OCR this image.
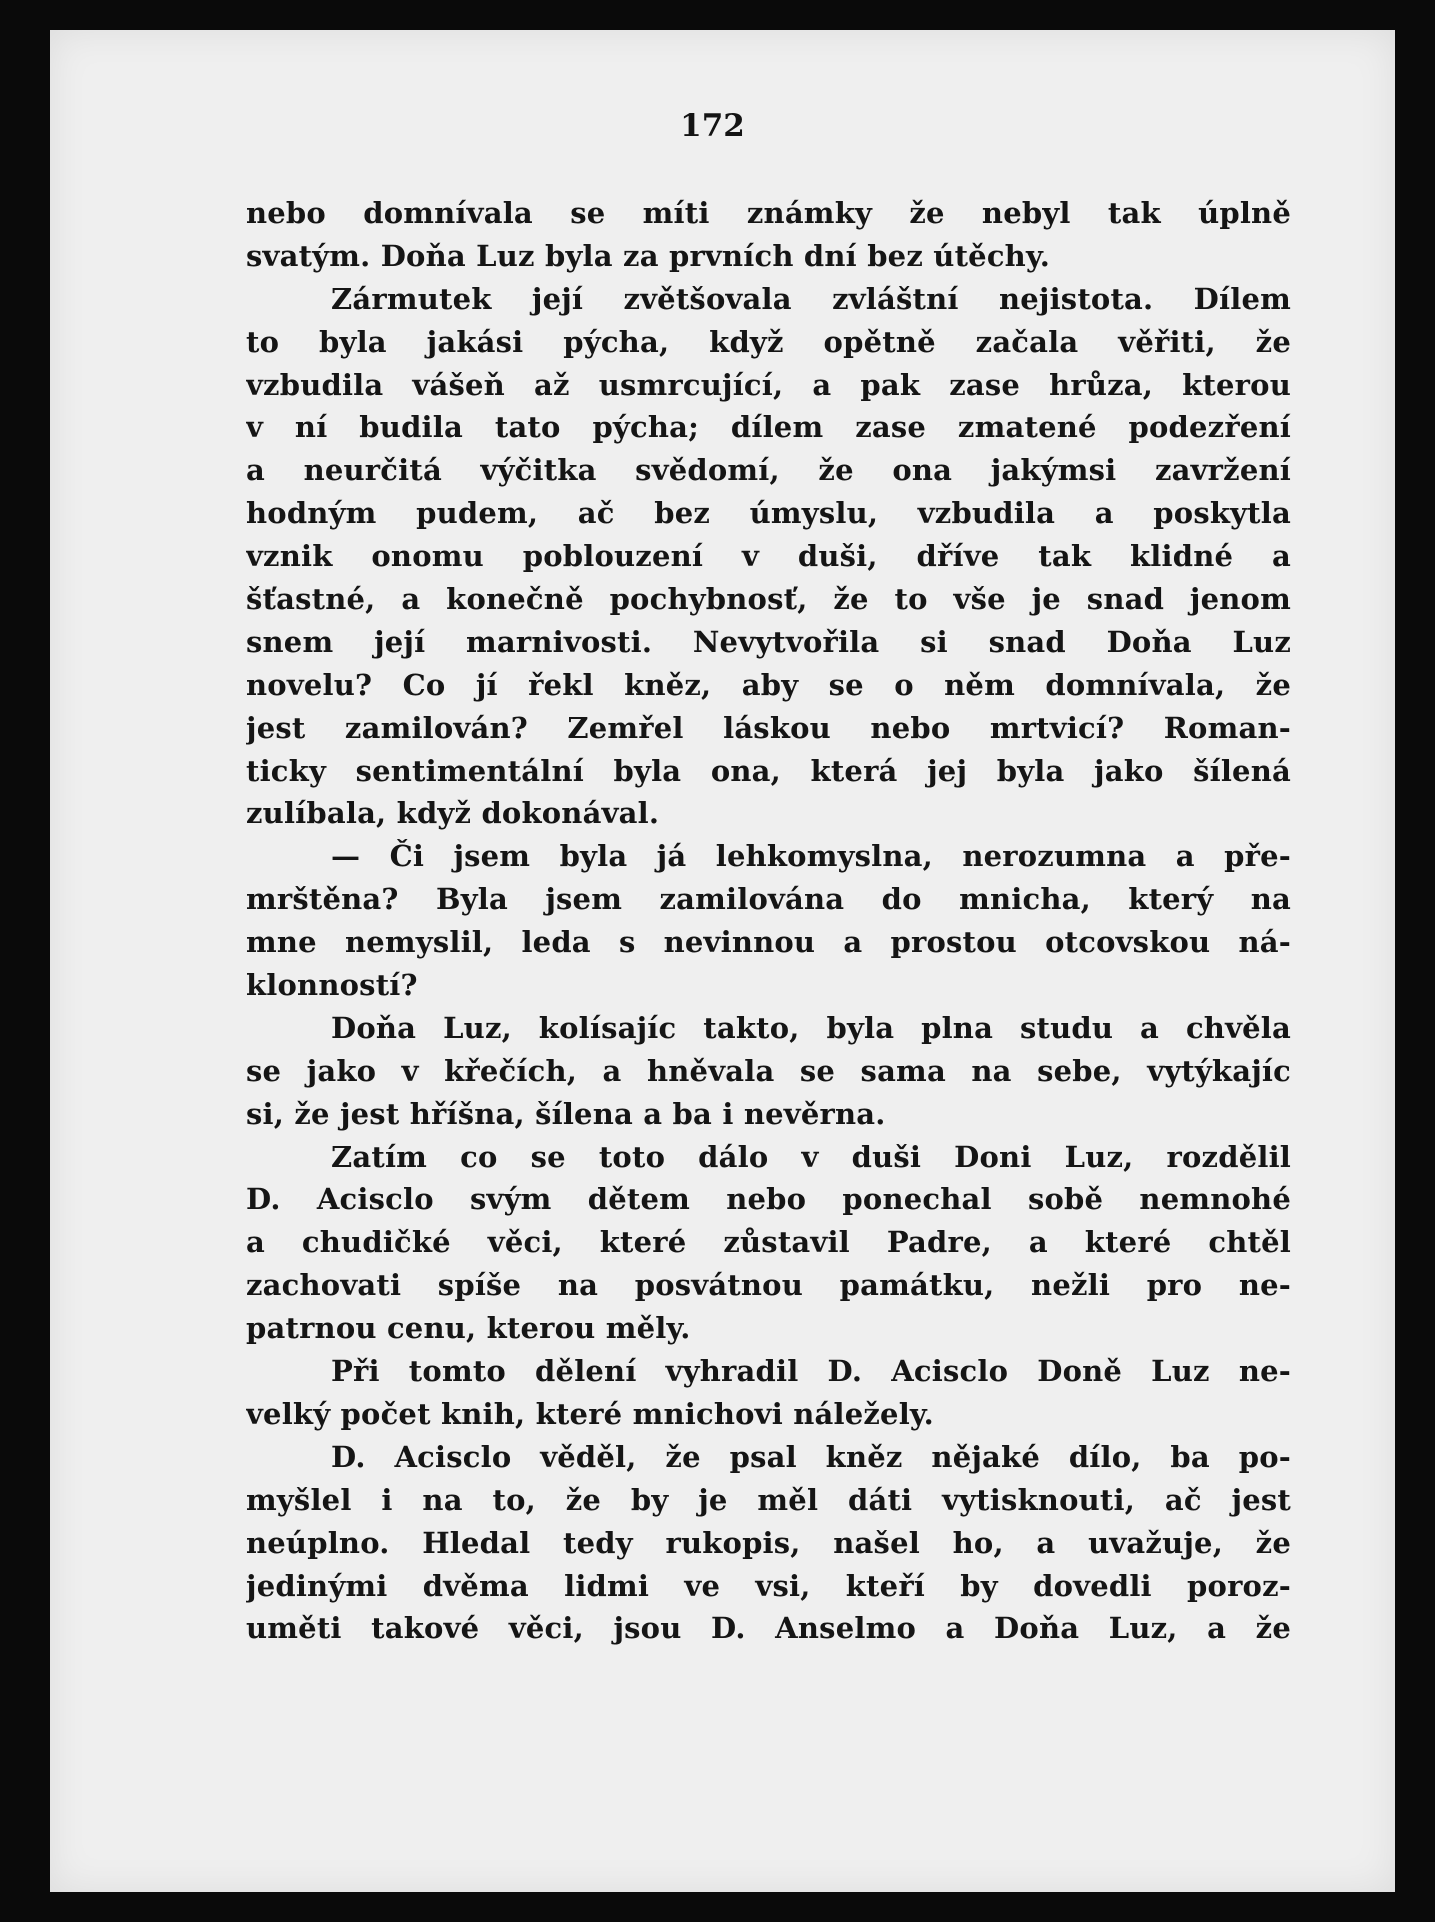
172
nebo domnívala se míti známky že nebyl tak úplně
svatým. Doňa Luz byla za prvních dní bez útěchy.
Zármutek její zvětšovala zvláštní nejistota. Dílem
to byla jakási pýcha, když opětně začala věřiti, že
vzbudila vášeň až usmrcující, a pak zase hrůza, kterou
v ní budila tato pýcha; dílem zase zmatené podezření
a neurčitá výčitka svědomí, že ona jakýmsi zavržení
hodným pudem, ač bez úmyslu, vzbudila a poskytla
vznik onomu poblouzení v duši, dříve tak klidné a
šťastné, a konečně pochybnosť, že to vše je snad jenom
snem její marnivosti. Nevytvořila si snad Doňa Luz
novelu? Co jí řekl kněz, aby se o něm domnívala, že
jest zamilován? Zemřel láskou nebo mrtvicí? Roman-
ticky sentimentální byla ona, která jej byla jako šílená
zulíbala, když dokonával.
— Či jsem byla já lehkomyslna, nerozumna a pře-
mrštěna? Byla jsem zamilována do mnicha, který na
mne nemyslil, leda s nevinnou a prostou otcovskou ná-
klonností?
Doňa Luz, kolísajíc takto, byla plna studu a chvěla
se jako v křečích, a hněvala se sama na sebe, vytýkajíc
si, že jest hříšna, šílena a ba i nevěrna.
Zatím co se toto dálo v duši Doni Luz, rozdělil
D. Acisclo svým dětem nebo ponechal sobě nemnohé
a chudičké věci, které zůstavil Padre, a které chtěl
zachovati spíše na posvátnou památku, nežli pro ne-
patrnou cenu, kterou měly.
Při tomto dělení vyhradil D. Acisclo Doně Luz ne-
velký počet knih, které mnichovi náležely.
D. Acisclo věděl, že psal kněz nějaké dílo, ba po-
myšlel i na to, že by je měl dáti vytisknouti, ač jest
neúplno. Hledal tedy rukopis, našel ho, a uvažuje, že
jedinými dvěma lidmi ve vsi, kteří by dovedli poroz-
uměti takové věci, jsou D. Anselmo a Doňa Luz, a že
